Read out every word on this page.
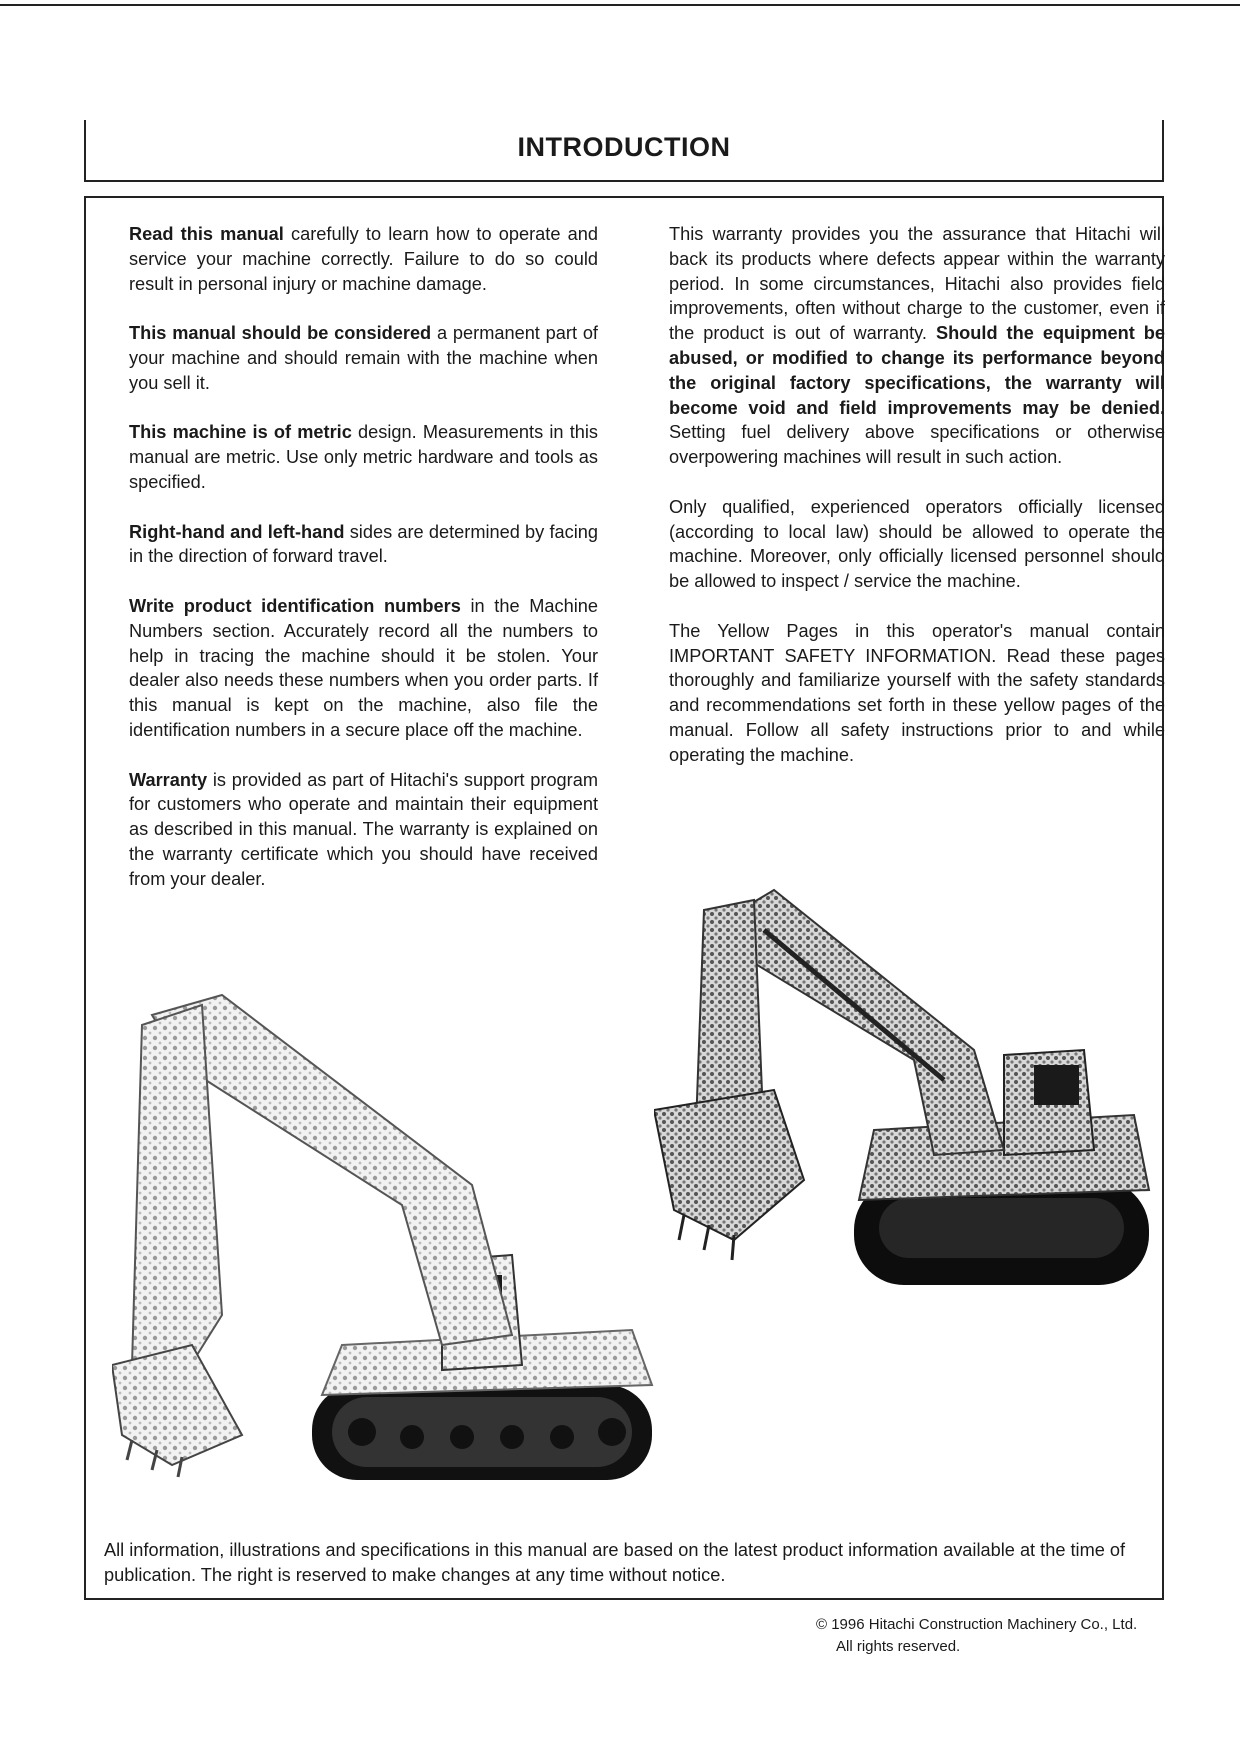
INTRODUCTION

Read this manual carefully to learn how to operate and service your machine correctly. Failure to do so could result in personal injury or machine damage.

This manual should be considered a permanent part of your machine and should remain with the machine when you sell it.

This machine is of metric design. Measurements in this manual are metric. Use only metric hardware and tools as specified.

Right-hand and left-hand sides are determined by facing in the direction of forward travel.

Write product identification numbers in the Machine Numbers section. Accurately record all the numbers to help in tracing the machine should it be stolen. Your dealer also needs these numbers when you order parts. If this manual is kept on the machine, also file the identification numbers in a secure place off the machine.

Warranty is provided as part of Hitachi's support program for customers who operate and maintain their equipment as described in this manual. The warranty is explained on the warranty certificate which you should have received from your dealer.

This warranty provides you the assurance that Hitachi will back its products where defects appear within the warranty period. In some circumstances, Hitachi also provides field improvements, often without charge to the customer, even if the product is out of warranty. Should the equipment be abused, or modified to change its performance beyond the original factory specifications, the warranty will become void and field improvements may be denied. Setting fuel delivery above specifications or otherwise overpowering machines will result in such action.

Only qualified, experienced operators officially licensed (according to local law) should be allowed to operate the machine. Moreover, only officially licensed personnel should be allowed to inspect / service the machine.

The Yellow Pages in this operator's manual contain IMPORTANT SAFETY INFORMATION. Read these pages thoroughly and familiarize yourself with the safety standards and recommendations set forth in these yellow pages of the manual. Follow all safety instructions prior to and while operating the machine.

All information, illustrations and specifications in this manual are based on the latest product information available at the time of publication. The right is reserved to make changes at any time without notice.
© 1996 Hitachi Construction Machinery Co., Ltd.
All rights reserved.
